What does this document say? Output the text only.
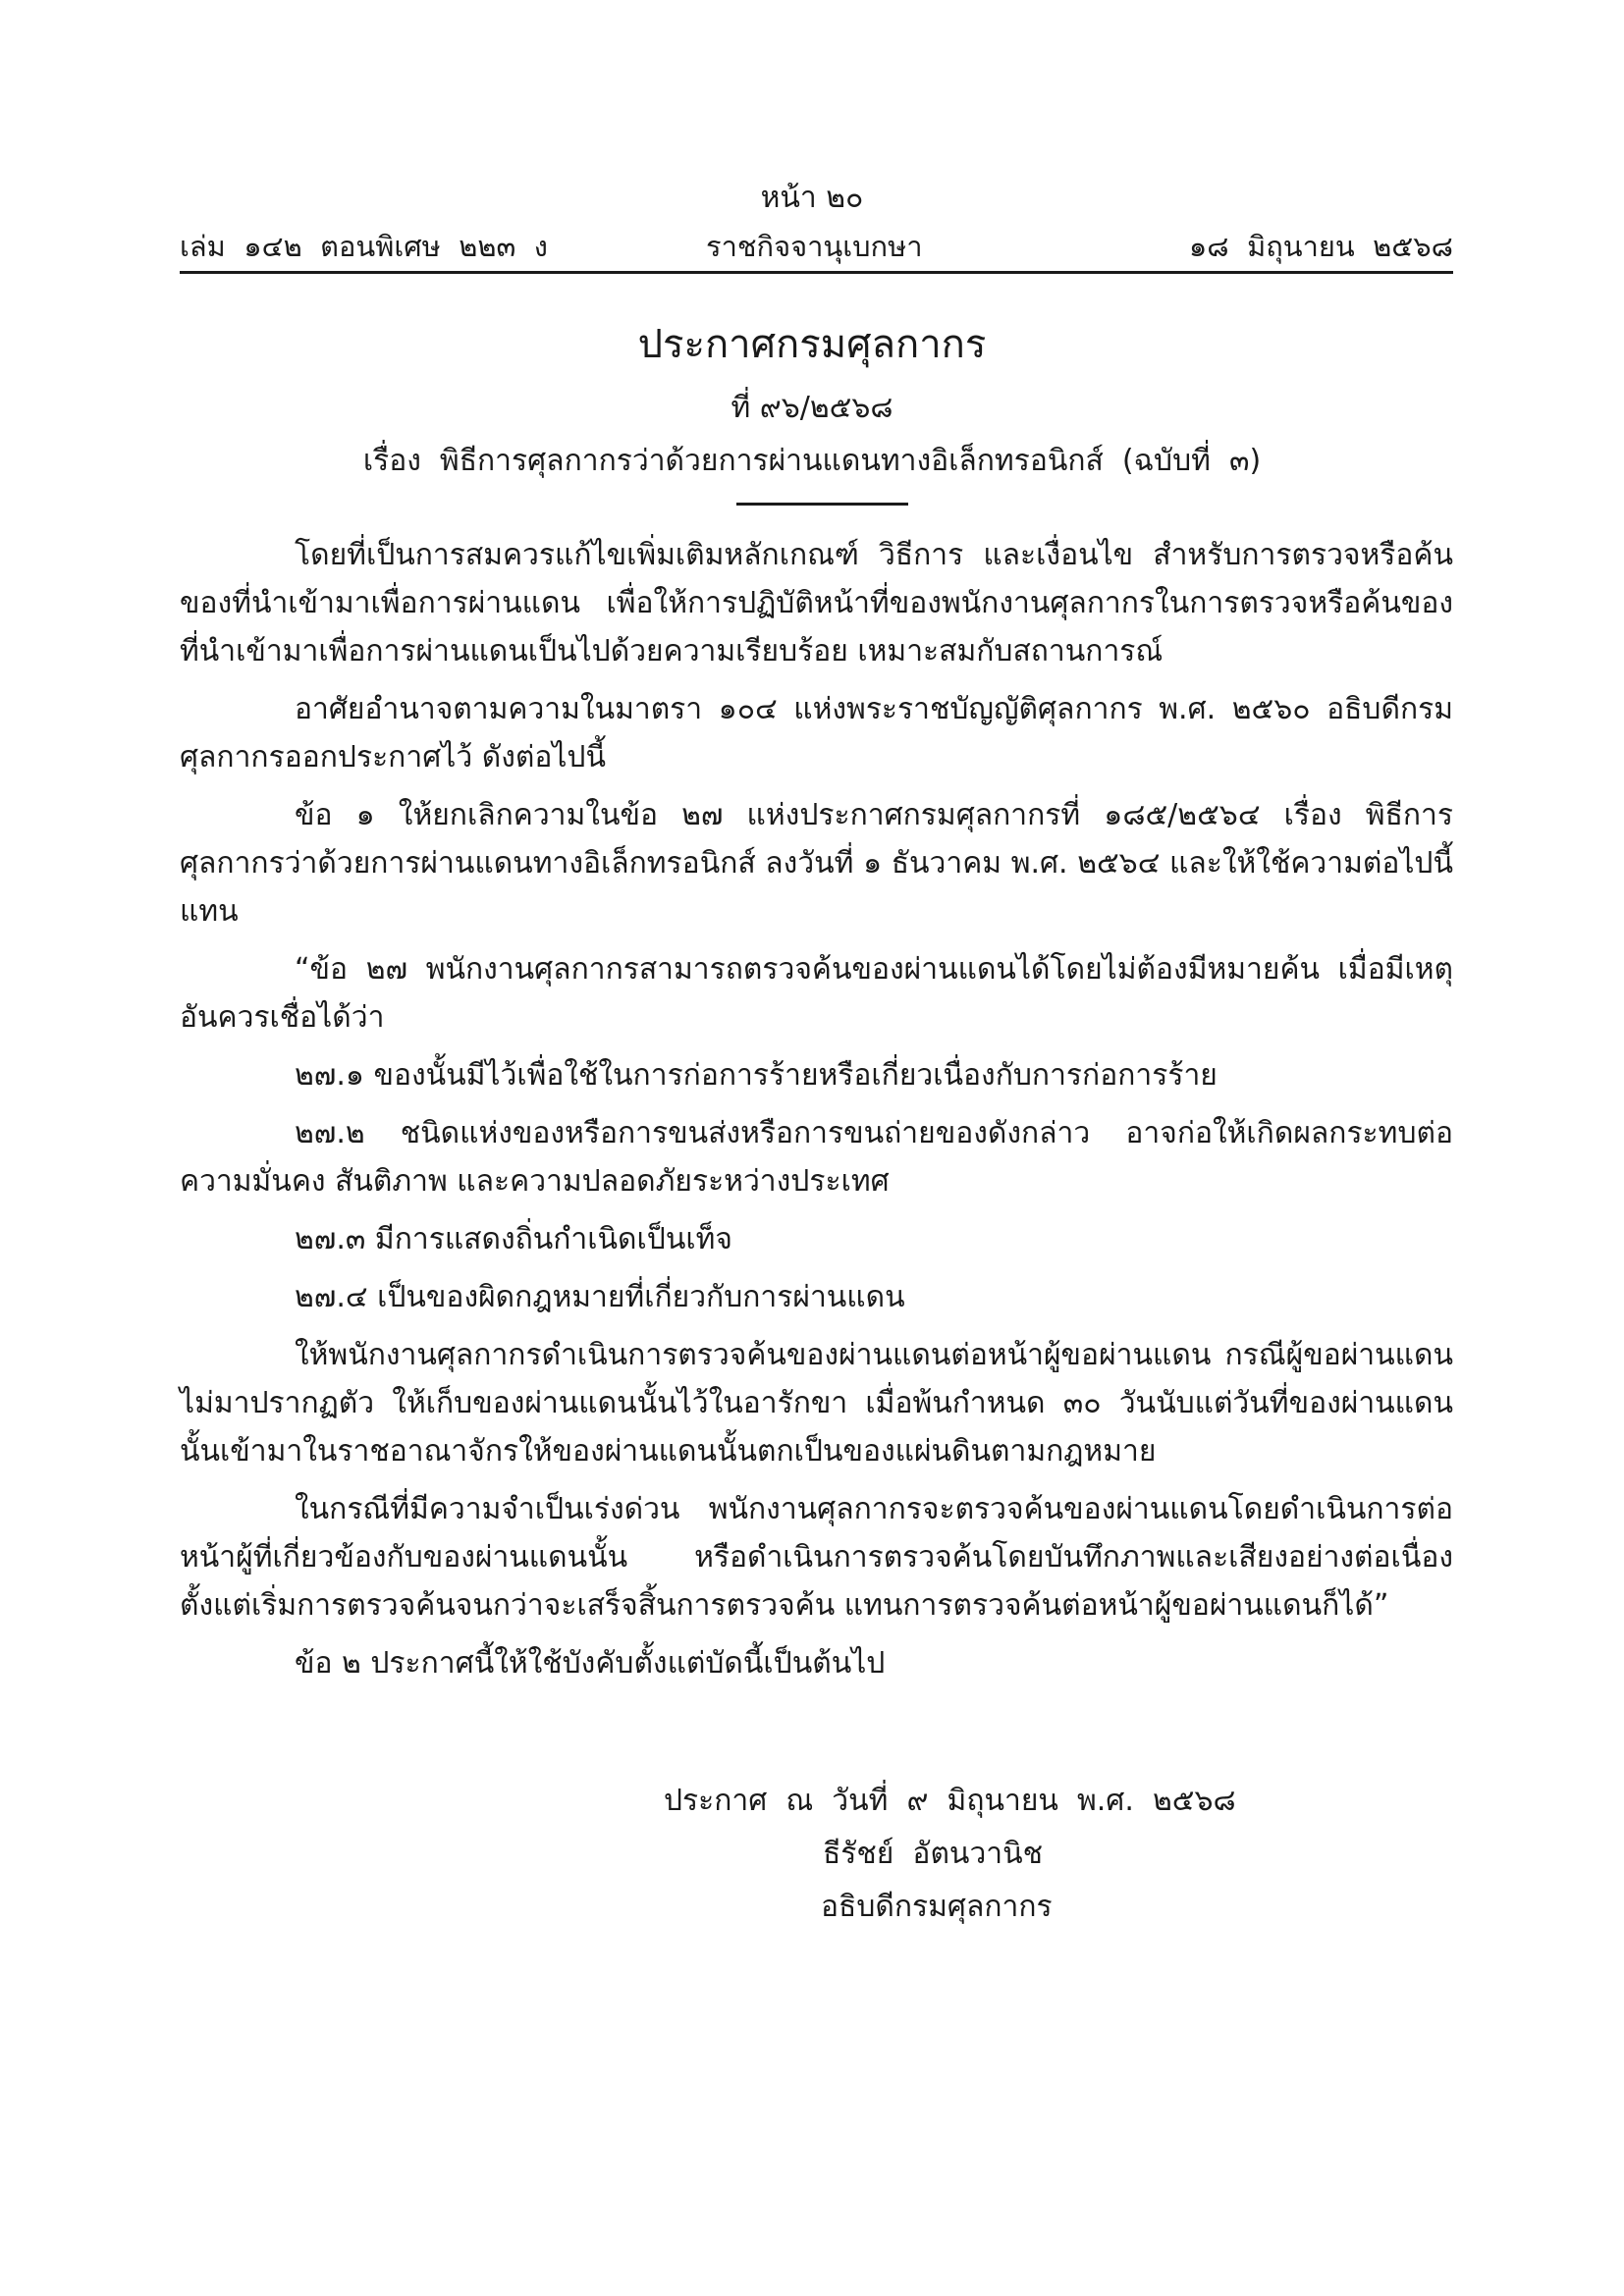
หน้า ๒๐
เล่ม  ๑๔๒  ตอนพิเศษ  ๒๒๓  ง	ราชกิจจานุเบกษา	๑๘  มิถุนายน  ๒๕๖๘
ประกาศกรมศุลกากร
ที่ ๙๖/๒๕๖๘
เรื่อง  พิธีการศุลกากรว่าด้วยการผ่านแดนทางอิเล็กทรอนิกส์  (ฉบับที่  ๓)

โดยที่เป็นการสมควรแก้ไขเพิ่มเติมหลักเกณฑ์ วิธีการ และเงื่อนไข สำหรับการตรวจหรือค้นของที่นำเข้ามาเพื่อการผ่านแดน เพื่อให้การปฏิบัติหน้าที่ของพนักงานศุลกากรในการตรวจหรือค้นของที่นำเข้ามาเพื่อการผ่านแดนเป็นไปด้วยความเรียบร้อย เหมาะสมกับสถานการณ์

อาศัยอำนาจตามความในมาตรา ๑๐๔ แห่งพระราชบัญญัติศุลกากร พ.ศ. ๒๕๖๐ อธิบดีกรมศุลกากรออกประกาศไว้ ดังต่อไปนี้

ข้อ ๑ ให้ยกเลิกความในข้อ ๒๗ แห่งประกาศกรมศุลกากรที่ ๑๘๕/๒๕๖๔ เรื่อง พิธีการศุลกากรว่าด้วยการผ่านแดนทางอิเล็กทรอนิกส์ ลงวันที่ ๑ ธันวาคม พ.ศ. ๒๕๖๔ และให้ใช้ความต่อไปนี้แทน

“ข้อ ๒๗ พนักงานศุลกากรสามารถตรวจค้นของผ่านแดนได้โดยไม่ต้องมีหมายค้น เมื่อมีเหตุอันควรเชื่อได้ว่า

๒๗.๑ ของนั้นมีไว้เพื่อใช้ในการก่อการร้ายหรือเกี่ยวเนื่องกับการก่อการร้าย

๒๗.๒ ชนิดแห่งของหรือการขนส่งหรือการขนถ่ายของดังกล่าว อาจก่อให้เกิดผลกระทบต่อความมั่นคง สันติภาพ และความปลอดภัยระหว่างประเทศ

๒๗.๓ มีการแสดงถิ่นกำเนิดเป็นเท็จ

๒๗.๔ เป็นของผิดกฎหมายที่เกี่ยวกับการผ่านแดน

ให้พนักงานศุลกากรดำเนินการตรวจค้นของผ่านแดนต่อหน้าผู้ขอผ่านแดน กรณีผู้ขอผ่านแดนไม่มาปรากฏตัว ให้เก็บของผ่านแดนนั้นไว้ในอารักขา เมื่อพ้นกำหนด ๓๐ วันนับแต่วันที่ของผ่านแดนนั้นเข้ามาในราชอาณาจักรให้ของผ่านแดนนั้นตกเป็นของแผ่นดินตามกฎหมาย

ในกรณีที่มีความจำเป็นเร่งด่วน พนักงานศุลกากรจะตรวจค้นของผ่านแดนโดยดำเนินการต่อหน้าผู้ที่เกี่ยวข้องกับของผ่านแดนนั้น หรือดำเนินการตรวจค้นโดยบันทึกภาพและเสียงอย่างต่อเนื่องตั้งแต่เริ่มการตรวจค้นจนกว่าจะเสร็จสิ้นการตรวจค้น แทนการตรวจค้นต่อหน้าผู้ขอผ่านแดนก็ได้”

ข้อ ๒ ประกาศนี้ให้ใช้บังคับตั้งแต่บัดนี้เป็นต้นไป

ประกาศ  ณ  วันที่  ๙  มิถุนายน  พ.ศ.  ๒๕๖๘
ธีรัชย์  อัตนวานิช
อธิบดีกรมศุลกากร
